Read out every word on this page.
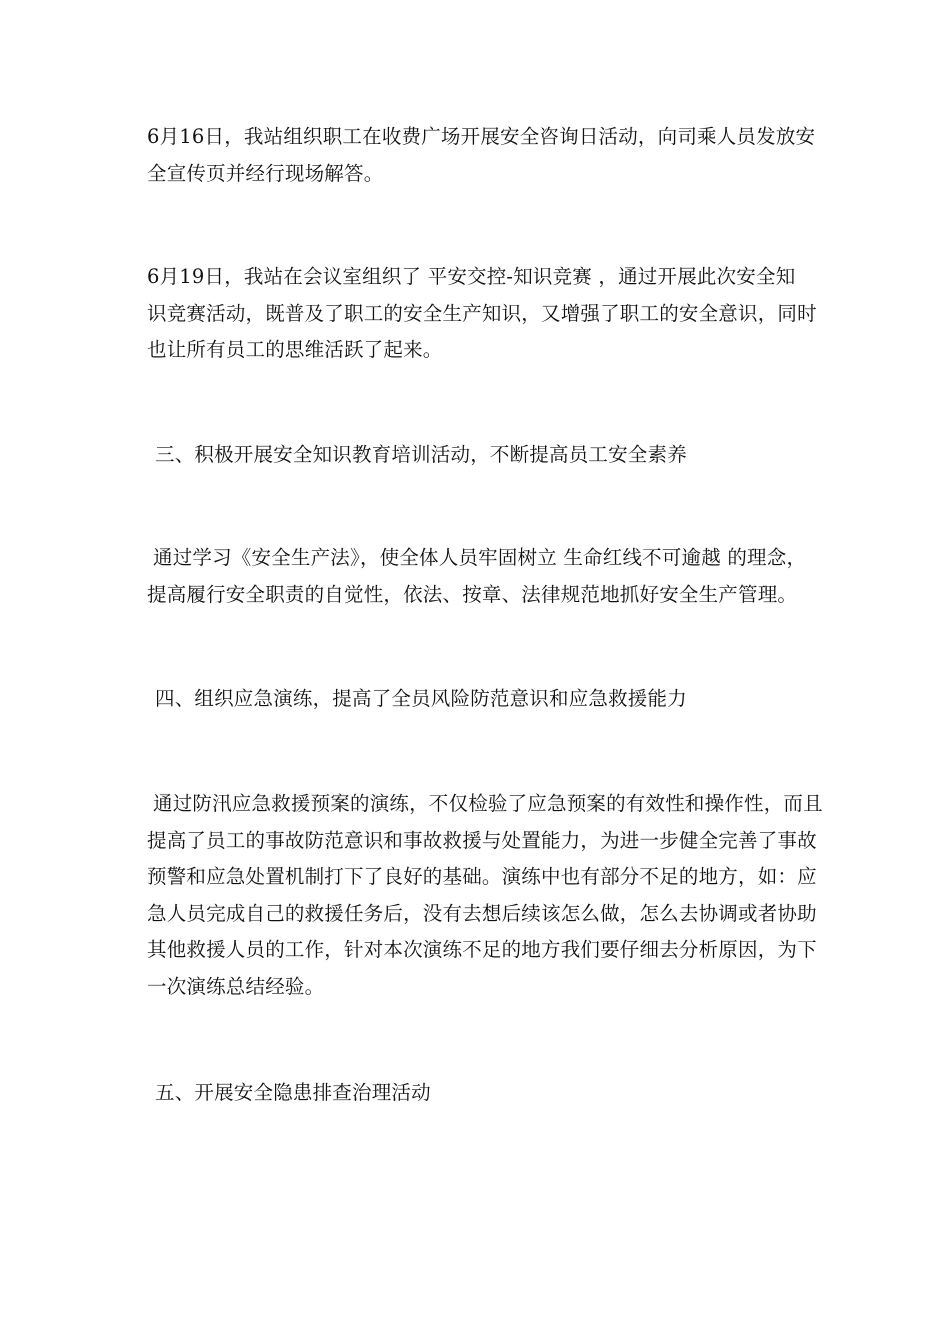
6月16日，我站组织职工在收费广场开展安全咨询日活动，向司乘人员发放安
全宣传页并经行现场解答。
6月19日，我站在会议室组织了 平安交控-知识竞赛 ，通过开展此次安全知
识竞赛活动，既普及了职工的安全生产知识，又增强了职工的安全意识，同时
也让所有员工的思维活跃了起来。
三、积极开展安全知识教育培训活动，不断提高员工安全素养
通过学习《安全生产法》，使全体人员牢固树立 生命红线不可逾越 的理念，
提高履行安全职责的自觉性，依法、按章、法律规范地抓好安全生产管理。
四、组织应急演练，提高了全员风险防范意识和应急救援能力
通过防汛应急救援预案的演练，不仅检验了应急预案的有效性和操作性，而且
提高了员工的事故防范意识和事故救援与处置能力，为进一步健全完善了事故
预警和应急处置机制打下了良好的基础。演练中也有部分不足的地方，如：应
急人员完成自己的救援任务后，没有去想后续该怎么做，怎么去协调或者协助
其他救援人员的工作，针对本次演练不足的地方我们要仔细去分析原因，为下
一次演练总结经验。
五、开展安全隐患排查治理活动
